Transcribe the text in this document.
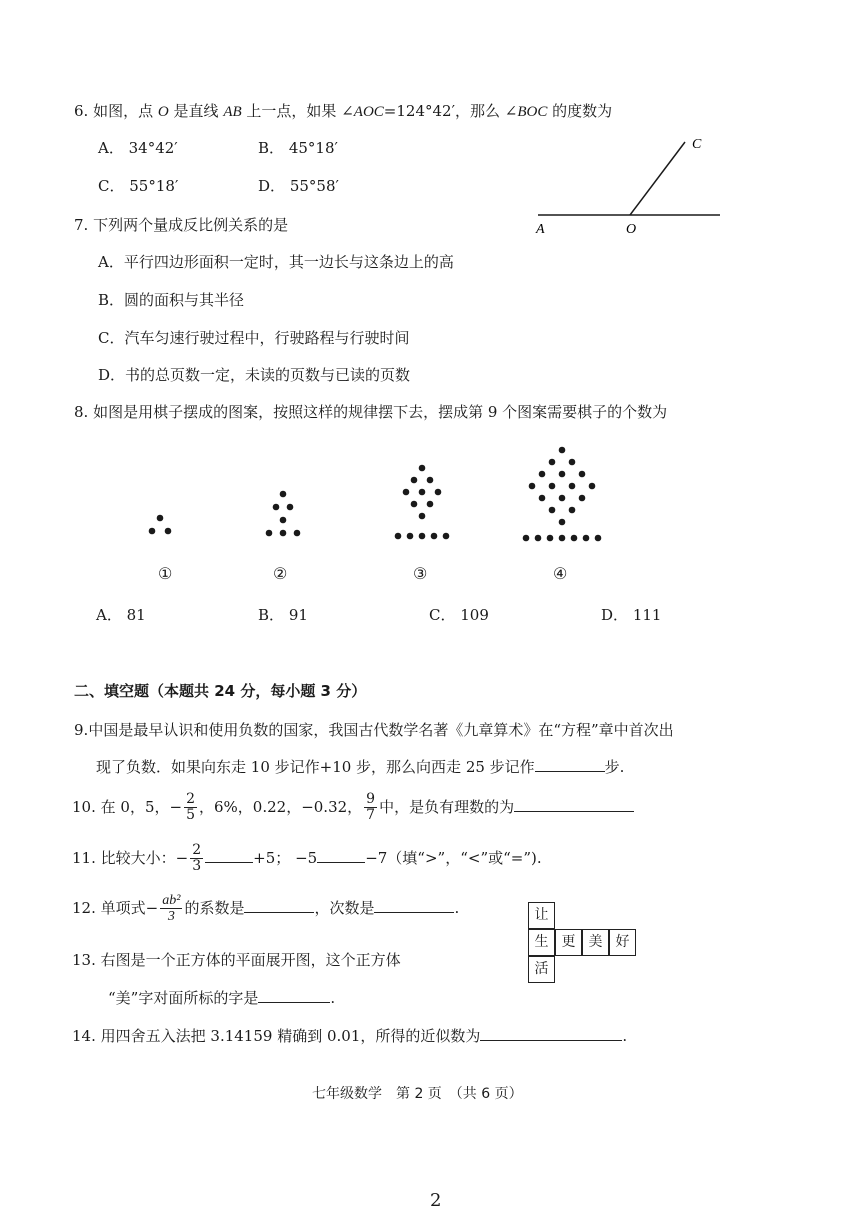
6. 如图，点 O 是直线 AB 上一点，如果 ∠AOC=124°42′，那么 ∠BOC 的度数为
A． 34°42′	B． 45°18′
C． 55°18′	D． 55°58′
A	O
C
7. 下列两个量成反比例关系的是
A．平行四边形面积一定时，其一边长与这条边上的高
B．圆的面积与其半径
C．汽车匀速行驶过程中，行驶路程与行驶时间
D．书的总页数一定，未读的页数与已读的页数
8. 如图是用棋子摆成的图案，按照这样的规律摆下去，摆成第 9 个图案需要棋子的个数为
①	②	③	④
A． 81	B． 91	C． 109	D． 111
二、填空题（本题共 24 分，每小题 3 分）
9.中国是最早认识和使用负数的国家，我国古代数学名著《九章算术》在“方程”章中首次出
现了负数．如果向东走 10 步记作+10 步，那么向西走 25 步记作	步.
10. 在 0，5，− $\frac{2}{5}$ ，6%，0.22，−0.32， $\frac{9}{7}$ 中，是负有理数的为
11. 比较大小：− $\frac{2}{3}$	+5； −5	−7（填“>”，“<”或“=”).
12. 单项式− $\frac{\text{ab²}}{3}$ 的系数是	，次数是	.	让
生 更 美 好
活
13. 右图是一个正方体的平面展开图，这个正方体
“美”字对面所标的字是	.
14. 用四舍五入法把 3.14159 精确到 0.01，所得的近似数为	.
七年级数学　第 2 页　（共 6 页）
2
